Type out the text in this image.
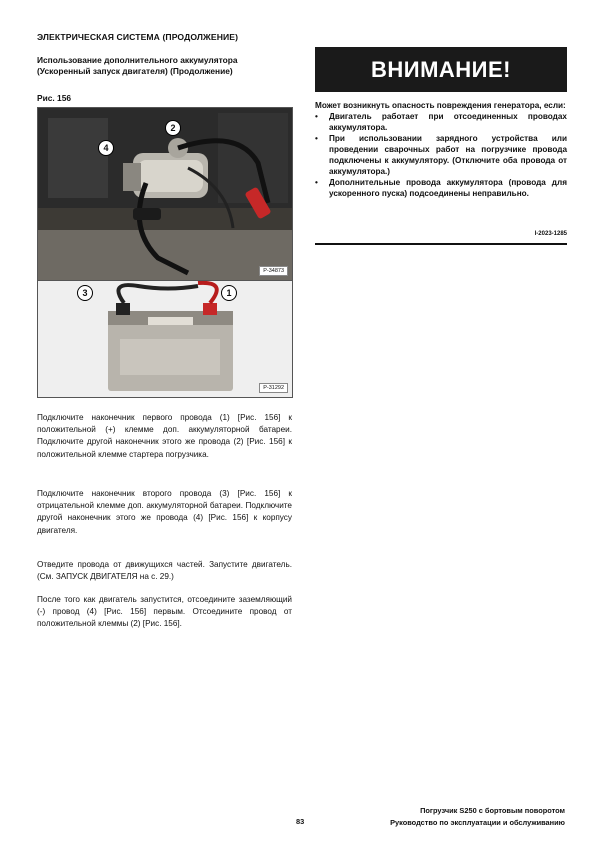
ЭЛЕКТРИЧЕСКАЯ СИСТЕМА (ПРОДОЛЖЕНИЕ)
Использование дополнительного аккумулятора
(Ускоренный запуск двигателя) (Продолжение)
Рис. 156
2
4
P-34873
3	1
P-31292
Подключите наконечник первого провода (1) [Рис. 156] к положительной (+) клемме доп. аккумуляторной батареи. Подключите другой наконечник этого же провода (2) [Рис. 156] к положительной клемме стартера погрузчика.
Подключите наконечник второго провода (3) [Рис. 156] к отрицательной клемме доп. аккумуляторной батареи. Подключите другой наконечник этого же провода (4) [Рис. 156] к корпусу двигателя.
Отведите провода от движущихся частей. Запустите двигатель. (См. ЗАПУСК ДВИГАТЕЛЯ на с. 29.)
После того как двигатель запустится, отсоедините заземляющий (-) провод (4) [Рис. 156] первым. Отсоедините провод от положительной клеммы (2) [Рис. 156].
ВНИМАНИЕ!
Может возникнуть опасность повреждения генератора, если:
• Двигатель работает при отсоединенных проводах аккумулятора.
• При использовании зарядного устройства или проведении сварочных работ на погрузчике провода подключены к аккумулятору. (Отключите оба провода от аккумулятора.)
• Дополнительные провода аккумулятора (провода для ускоренного пуска) подсоединены неправильно.
I-2023-1285
83
Погрузчик S250 с бортовым поворотом
Руководство по эксплуатации и обслуживанию
